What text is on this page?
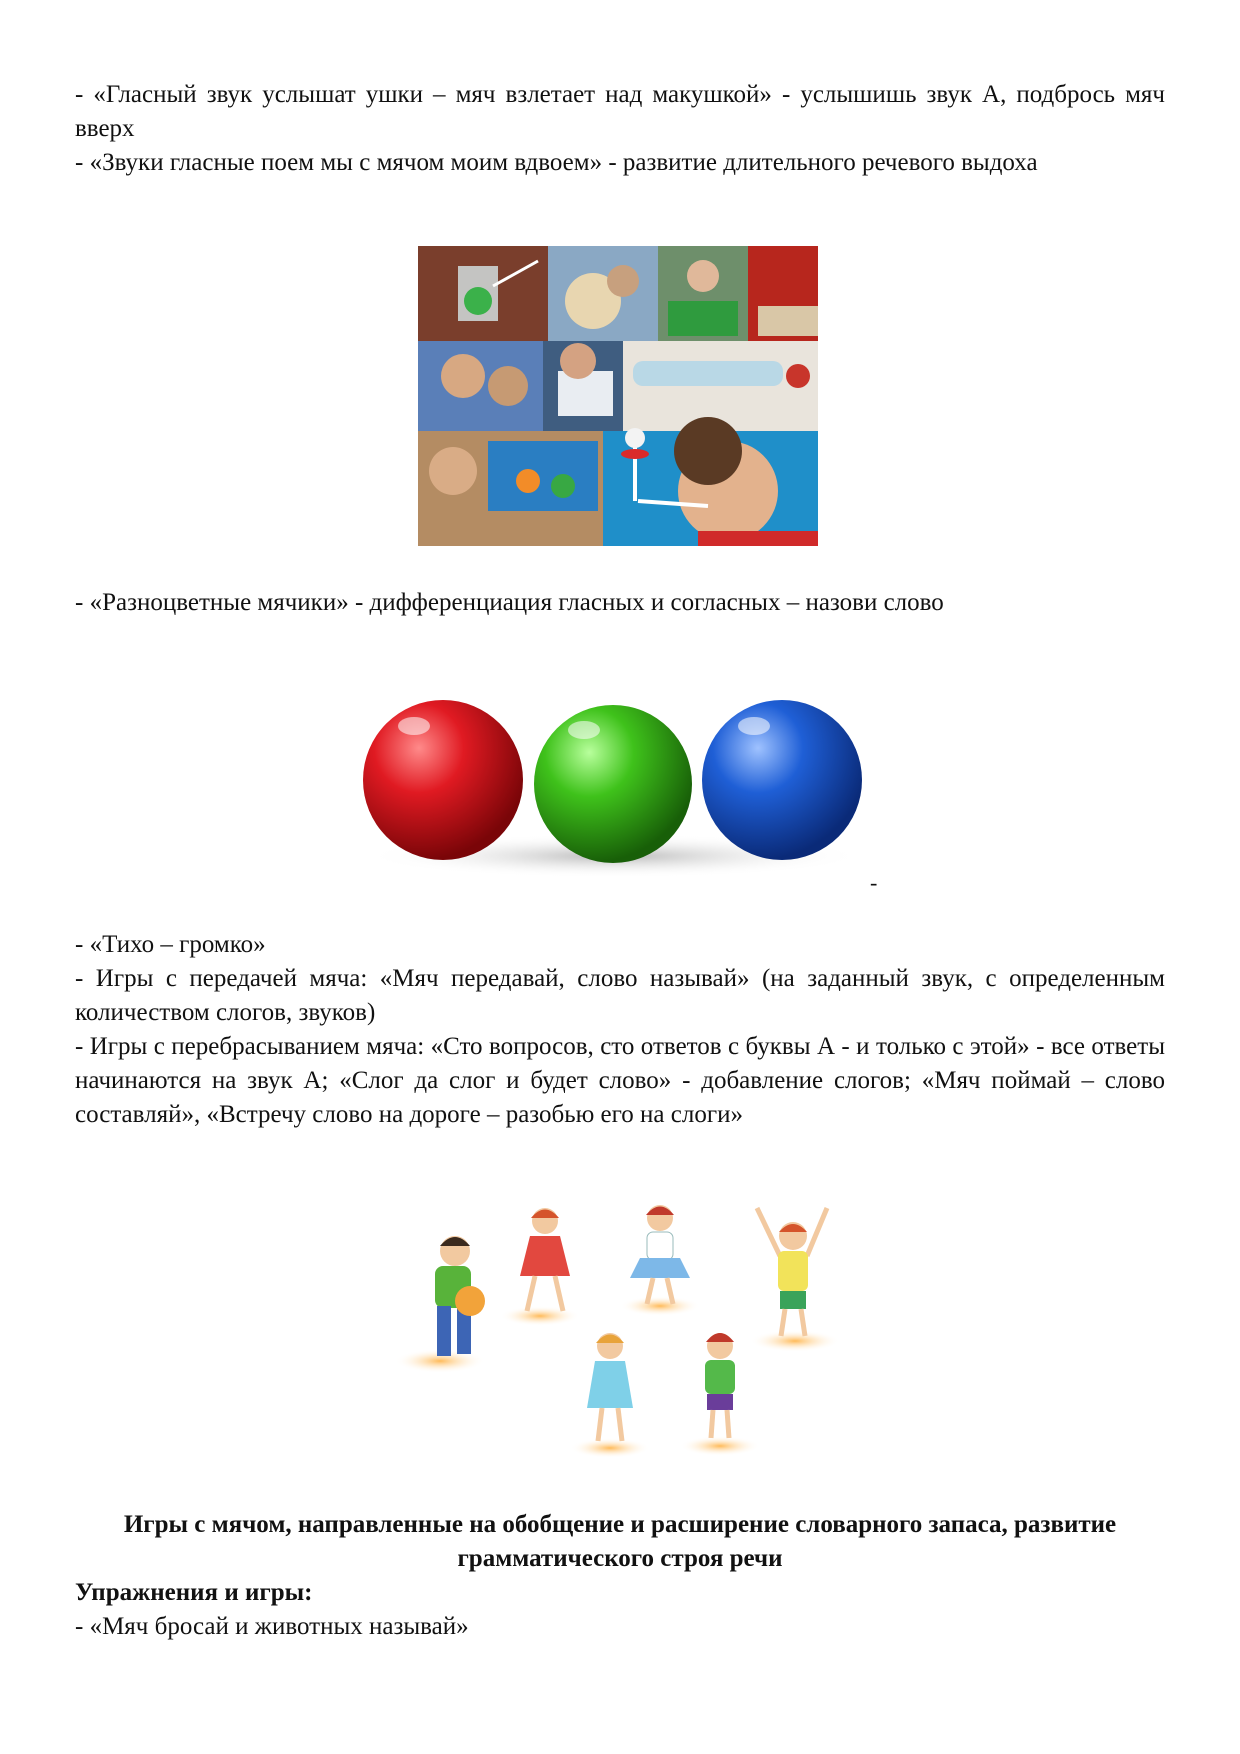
- «Гласный звук услышат ушки – мяч взлетает над макушкой» - услышишь звук А, подбрось мяч вверх

- «Звуки гласные поем мы с мячом моим вдвоем» - развитие длительного речевого выдоха

- «Разноцветные мячики» - дифференциация гласных и согласных – назови слово

-

- «Тихо – громко»

- Игры с передачей мяча: «Мяч передавай, слово называй» (на заданный звук, с определенным количеством слогов, звуков)

- Игры с перебрасыванием мяча: «Сто вопросов, сто ответов с буквы А - и только с этой» - все ответы начинаются на звук А; «Слог да слог и будет слово» - добавление слогов; «Мяч поймай – слово составляй», «Встречу слово на дороге – разобью его на слоги»

Игры с мячом, направленные на обобщение и расширение словарного запаса, развитие грамматического строя речи

Упражнения и игры:

- «Мяч бросай и животных называй»
